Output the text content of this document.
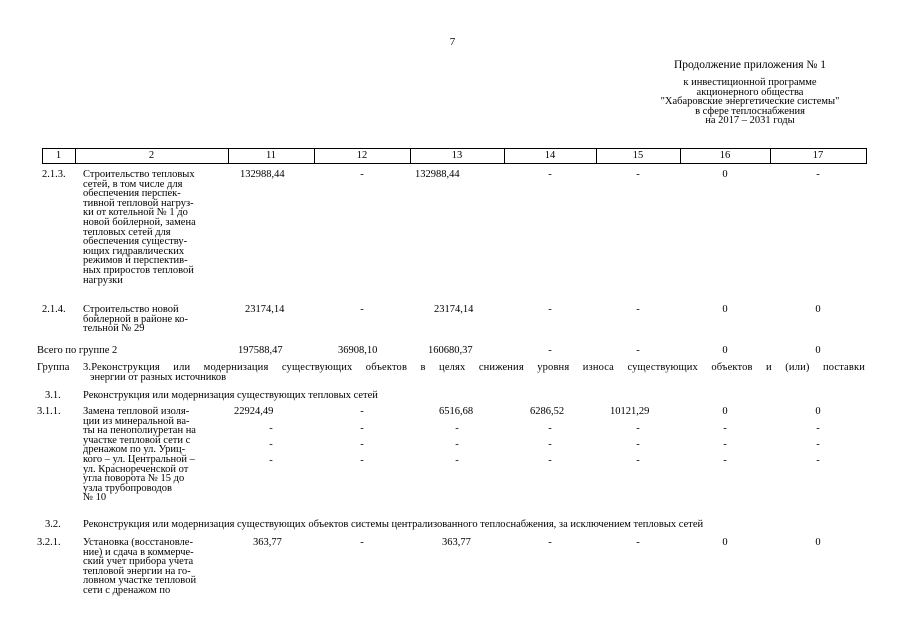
7
Продолжение приложения № 1
к инвестиционной программе
акционерного общества
"Хабаровские энергетические системы"
в сфере теплоснабжения
на 2017 – 2031 годы
1	2	11	12	13	14	15	16	17
2.1.3. Строительство тепловых
сетей, в том числе для
обеспечения перспек-
тивной тепловой нагруз-
ки от котельной № 1 до
новой бойлерной, замена
тепловых сетей для
обеспечения существу-
ющих гидравлических
режимов и перспектив-
ных приростов тепловой
нагрузки
132988,44	-	132988,44	-	-	0	-
2.1.4. Строительство новой
бойлерной в районе ко-
тельной № 29
23174,14	-	23174,14	-	-	0	0
Всего по группе 2	197588,47	36908,10	160680,37	-	-	0	0
Группа 3.Реконструкция или модернизация существующих объектов в целях снижения уровня износа существующих объектов и (или) поставки
энергии от разных источников
3.1. Реконструкция или модернизация существующих тепловых сетей
3.1.1. Замена тепловой изоля-
ции из минеральной ва-
ты на пенополиуретан на
участке тепловой сети с
дренажом по ул. Уриц-
кого – ул. Центральной –
ул. Краснореченской от
угла поворота № 15 до
узла трубопроводов
№ 10
22924,49	-	6516,68	6286,52	10121,29	0	0
-	-	-	-	-	-	-
-	-	-	-	-	-	-
-	-	-	-	-	-	-
3.2. Реконструкция или модернизация существующих объектов системы централизованного теплоснабжения, за исключением тепловых сетей
3.2.1. Установка (восстановле-
ние) и сдача в коммерче-
ский учет прибора учета
тепловой энергии на го-
ловном участке тепловой
сети с дренажом по
363,77	-	363,77	-	-	0	0
